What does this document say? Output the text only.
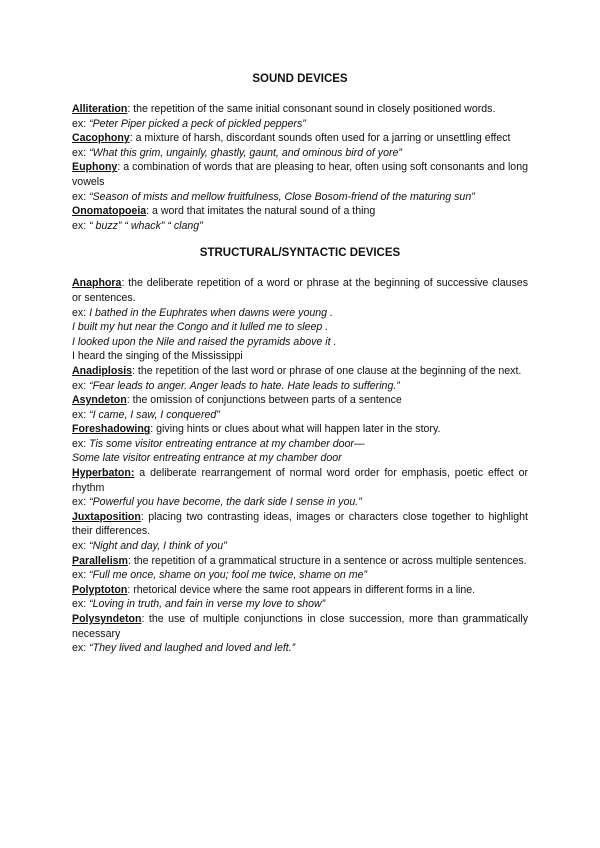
SOUND DEVICES

Alliteration: the repetition of the same initial consonant sound in closely positioned words.

ex: “Peter Piper picked a peck of pickled peppers”

Cacophony: a mixture of harsh, discordant sounds often used for a jarring or unsettling effect

ex: “What this grim, ungainly, ghastly, gaunt, and ominous bird of yore”

Euphony: a combination of words that are pleasing to hear, often using soft consonants and long vowels

ex: “Season of mists and mellow fruitfulness, Close Bosom-friend of the maturing sun”

Onomatopoeia: a word that imitates the natural sound of a thing

ex: “ buzz” “ whack” “ clang”

STRUCTURAL/SYNTACTIC DEVICES

Anaphora: the deliberate repetition of a word or phrase at the beginning of successive clauses or sentences.

ex: I bathed in the Euphrates when dawns were young .

I built my hut near the Congo and it lulled me to sleep .

I looked upon the Nile and raised the pyramids above it .

I heard the singing of the Mississippi

Anadiplosis: the repetition of the last word or phrase of one clause at the beginning of the next.

ex: “Fear leads to anger. Anger leads to hate. Hate leads to suffering.”

Asyndeton: the omission of conjunctions between parts of a sentence

ex: “I came, I saw, I conquered”

Foreshadowing: giving hints or clues about what will happen later in the story.

ex: Tis some visitor entreating entrance at my chamber door—

Some late visitor entreating entrance at my chamber door

Hyperbaton: a deliberate rearrangement of normal word order for emphasis, poetic effect or rhythm

ex: “Powerful you have become, the dark side I sense in you.”

Juxtaposition: placing two contrasting ideas, images or characters close together to highlight their differences.

ex: “Night and day, I think of you”

Parallelism: the repetition of a grammatical structure in a sentence or across multiple sentences.

ex: “Full me once, shame on you; fool me twice, shame on me”

Polyptoton: rhetorical device where the same root appears in different forms in a line.

ex: “Loving in truth, and fain in verse my love to show”

Polysyndeton: the use of multiple conjunctions in close succession, more than grammatically necessary

ex: “They lived and laughed and loved and left.”
